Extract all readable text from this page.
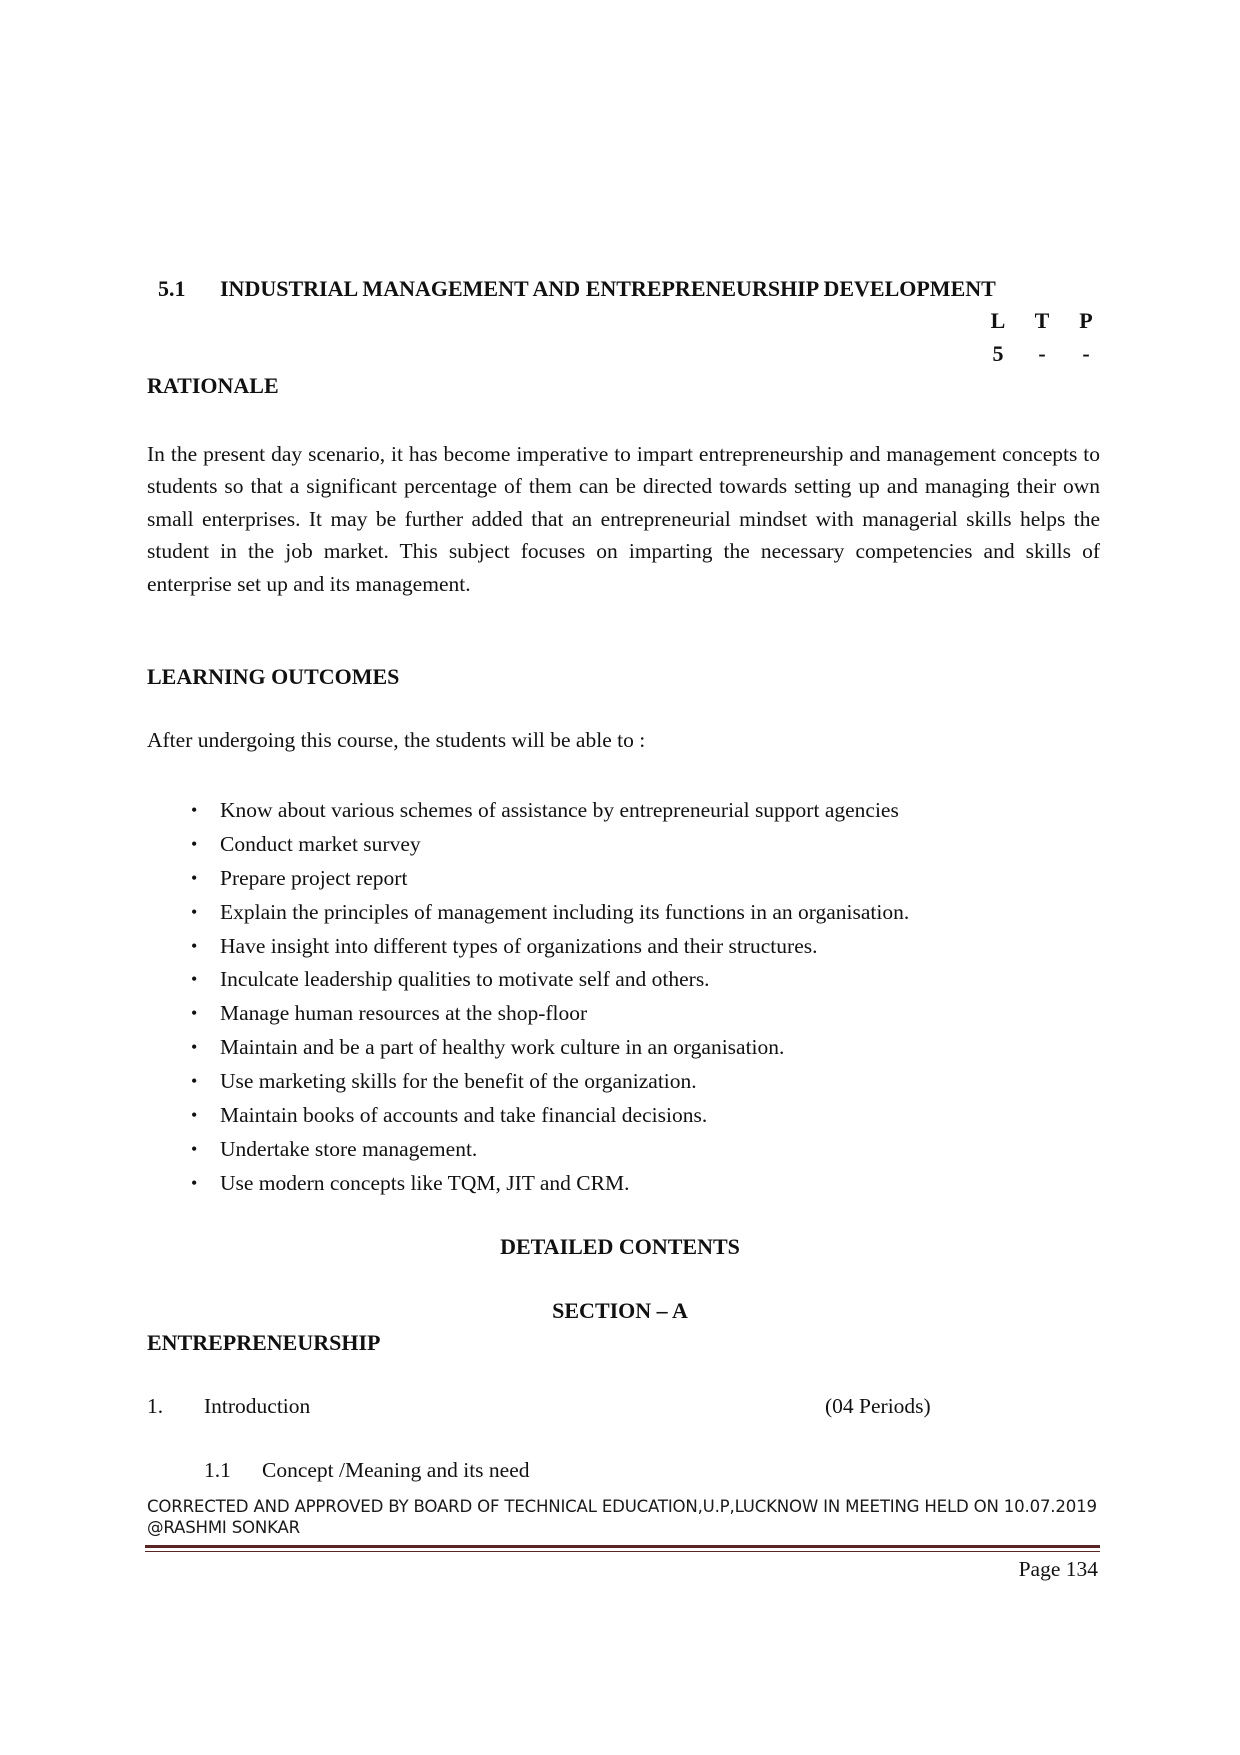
5.1 INDUSTRIAL MANAGEMENT AND ENTREPRENEURSHIP DEVELOPMENT
L	T	P
5	-	-
RATIONALE
In the present day scenario, it has become imperative to impart entrepreneurship and management concepts to students so that a significant percentage of them can be directed towards setting up and managing their own small enterprises. It may be further added that an entrepreneurial mindset with managerial skills helps the student in the job market. This subject focuses on imparting the necessary competencies and skills of enterprise set up and its management.
LEARNING OUTCOMES
After undergoing this course, the students will be able to :
• Know about various schemes of assistance by entrepreneurial support agencies
• Conduct market survey
• Prepare project report
• Explain the principles of management including its functions in an organisation.
• Have insight into different types of organizations and their structures.
• Inculcate leadership qualities to motivate self and others.
• Manage human resources at the shop-floor
• Maintain and be a part of healthy work culture in an organisation.
• Use marketing skills for the benefit of the organization.
• Maintain books of accounts and take financial decisions.
• Undertake store management.
• Use modern concepts like TQM, JIT and CRM.
DETAILED CONTENTS
SECTION – A
ENTREPRENEURSHIP
1. Introduction	(04 Periods)
1.1 Concept /Meaning and its need
CORRECTED AND APPROVED BY BOARD OF TECHNICAL EDUCATION,U.P,LUCKNOW IN MEETING HELD ON 10.07.2019 @RASHMI SONKAR
Page 134
